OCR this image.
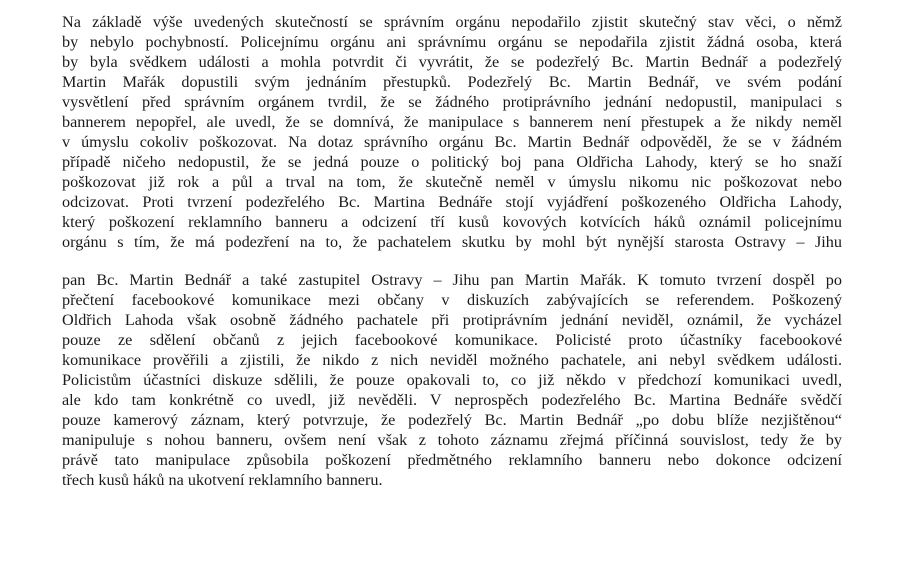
Na základě výše uvedených skutečností se správním orgánu nepodařilo zjistit skutečný stav věci, o němž
by nebylo pochybností. Policejnímu orgánu ani správnímu orgánu se nepodařila zjistit žádná osoba, která
by byla svědkem události a mohla potvrdit či vyvrátit, že se podezřelý Bc. Martin Bednář a podezřelý
Martin Mařák dopustili svým jednáním přestupků. Podezřelý Bc. Martin Bednář, ve svém podání
vysvětlení před správním orgánem tvrdil, že se žádného protiprávního jednání nedopustil, manipulaci s
bannerem nepopřel, ale uvedl, že se domnívá, že manipulace s bannerem není přestupek a že nikdy neměl
v úmyslu cokoliv poškozovat. Na dotaz správního orgánu Bc. Martin Bednář odpověděl, že se v žádném
případě ničeho nedopustil, že se jedná pouze o politický boj pana Oldřicha Lahody, který se ho snaží
poškozovat již rok a půl a trval na tom, že skutečně neměl v úmyslu nikomu nic poškozovat nebo
odcizovat. Proti tvrzení podezřelého Bc. Martina Bednáře stojí vyjádření poškozeného Oldřicha Lahody,
který poškození reklamního banneru a odcizení tří kusů kovových kotvících háků oznámil policejnímu
orgánu s tím, že má podezření na to, že pachatelem skutku by mohl být nynější starosta Ostravy – Jihu
pan Bc. Martin Bednář a také zastupitel Ostravy – Jihu pan Martin Mařák. K tomuto tvrzení dospěl po
přečtení facebookové komunikace mezi občany v diskuzích zabývajících se referendem. Poškozený
Oldřich Lahoda však osobně žádného pachatele při protiprávním jednání neviděl, oznámil, že vycházel
pouze ze sdělení občanů z jejich facebookové komunikace. Policisté proto účastníky facebookové
komunikace prověřili a zjistili, že nikdo z nich neviděl možného pachatele, ani nebyl svědkem události.
Policistům účastníci diskuze sdělili, že pouze opakovali to, co již někdo v předchozí komunikaci uvedl,
ale kdo tam konkrétně co uvedl, již nevěděli. V neprospěch podezřelého Bc. Martina Bednáře svědčí
pouze kamerový záznam, který potvrzuje, že podezřelý Bc. Martin Bednář „po dobu blíže nezjištěnou“
manipuluje s nohou banneru, ovšem není však z tohoto záznamu zřejmá příčinná souvislost, tedy že by
právě tato manipulace způsobila poškození předmětného reklamního banneru nebo dokonce odcizení
třech kusů háků na ukotvení reklamního banneru.
